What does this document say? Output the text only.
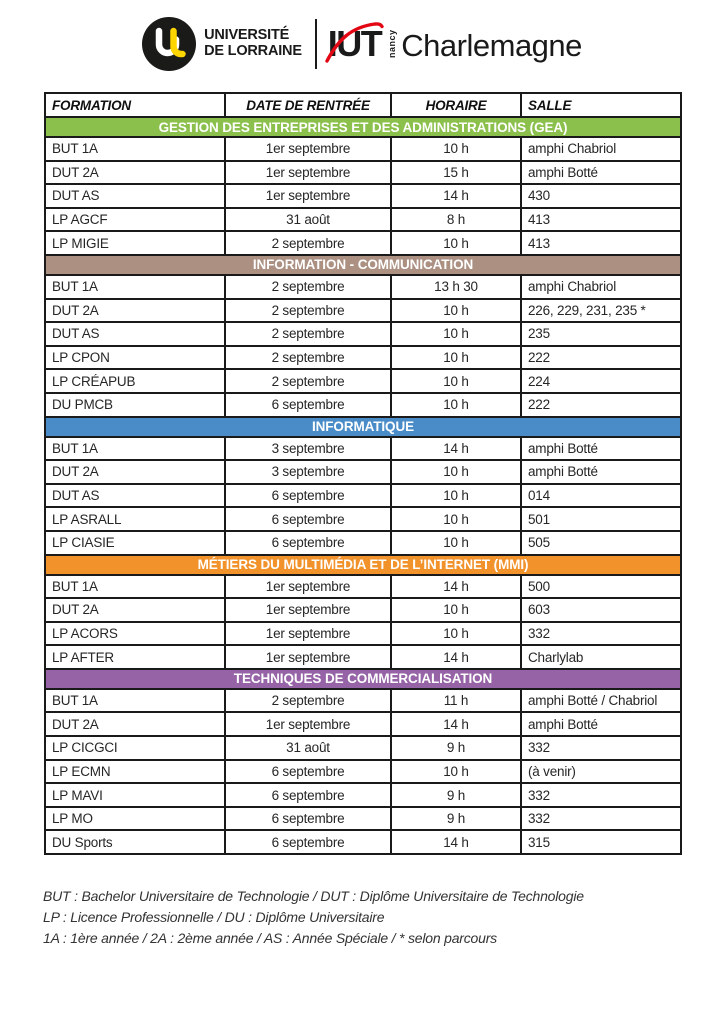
UNIVERSITÉ
DE LORRAINE IUT nancy Charlemagne
FORMATION	DATE DE RENTRÉE	HORAIRE	SALLE
GESTION DES ENTREPRISES ET DES ADMINISTRATIONS (GEA)			
BUT 1A	1er septembre	10 h	amphi Chabriol
DUT 2A	1er septembre	15 h	amphi Botté
DUT AS	1er septembre	14 h	430
LP AGCF	31 août	8 h	413
LP MIGIE	2 septembre	10 h	413
INFORMATION - COMMUNICATION			
BUT 1A	2 septembre	13 h 30	amphi Chabriol
DUT 2A	2 septembre	10 h	226, 229, 231, 235 *
DUT AS	2 septembre	10 h	235
LP CPON	2 septembre	10 h	222
LP CRÉAPUB	2 septembre	10 h	224
DU PMCB	6 septembre	10 h	222
INFORMATIQUE			
BUT 1A	3 septembre	14 h	amphi Botté
DUT 2A	3 septembre	10 h	amphi Botté
DUT AS	6 septembre	10 h	014
LP ASRALL	6 septembre	10 h	501
LP CIASIE	6 septembre	10 h	505
MÉTIERS DU MULTIMÉDIA ET DE L’INTERNET (MMI)			
BUT 1A	1er septembre	14 h	500
DUT 2A	1er septembre	10 h	603
LP ACORS	1er septembre	10 h	332
LP AFTER	1er septembre	14 h	Charlylab
TECHNIQUES DE COMMERCIALISATION			
BUT 1A	2 septembre	11 h	amphi Botté / Chabriol
DUT 2A	1er septembre	14 h	amphi Botté
LP CICGCI	31 août	9 h	332
LP ECMN	6 septembre	10 h	(à venir)
LP MAVI	6 septembre	9 h	332
LP MO	6 septembre	9 h	332
DU Sports	6 septembre	14 h	315
BUT : Bachelor Universitaire de Technologie / DUT : Diplôme Universitaire de Technologie
LP : Licence Professionnelle / DU : Diplôme Universitaire
1A : 1ère année / 2A : 2ème année / AS : Année Spéciale / * selon parcours
